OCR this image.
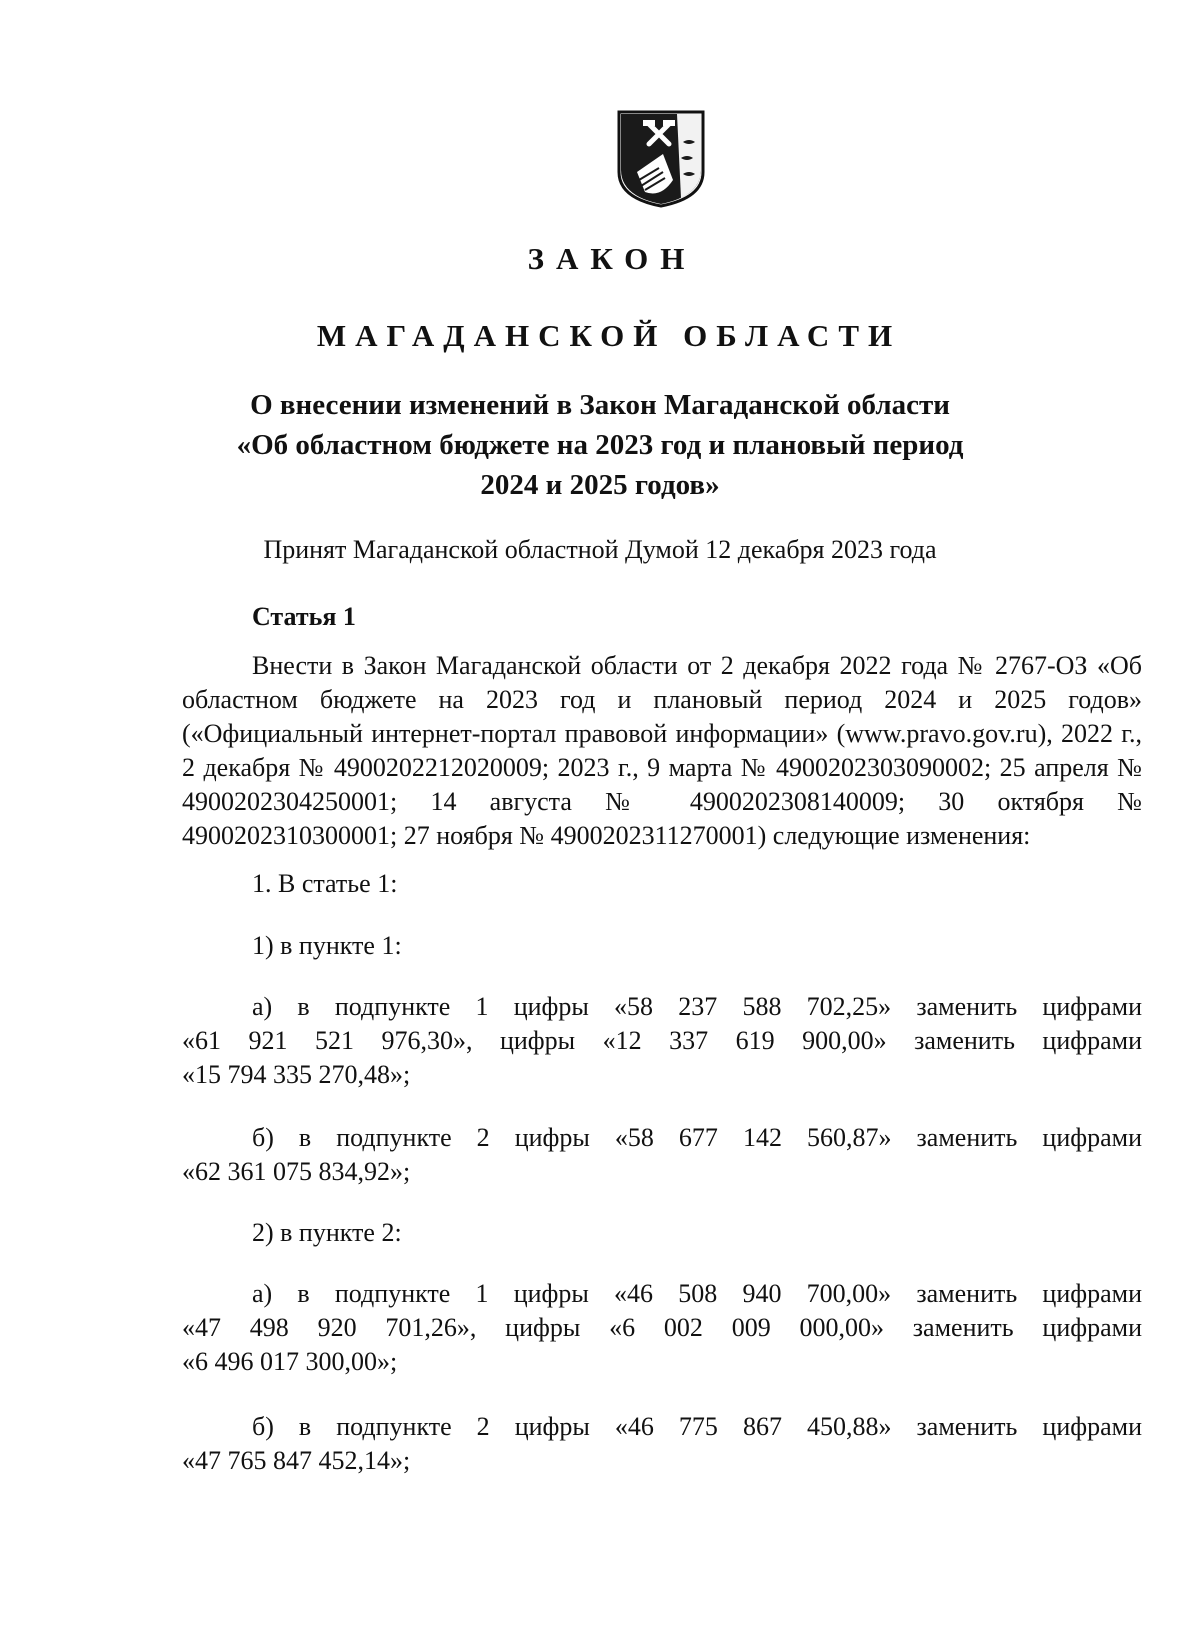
ЗАКОН
МАГАДАНСКОЙ ОБЛАСТИ
О внесении изменений в Закон Магаданской области
«Об областном бюджете на 2023 год и плановый период
2024 и 2025 годов»
Принят Магаданской областной Думой 12 декабря 2023 года
Статья 1
Внести в Закон Магаданской области от 2 декабря 2022 года № 2767-ОЗ «Об областном бюджете на 2023 год и плановый период 2024 и 2025 годов» («Официальный интернет-портал правовой информации» (www.pravo.gov.ru), 2022 г., 2 декабря № 4900202212020009; 2023 г., 9 марта № 4900202303090002; 25 апреля № 4900202304250001; 14 августа № 4900202308140009; 30 октября № 4900202310300001; 27 ноября № 4900202311270001) следующие изменения:
1. В статье 1:
1) в пункте 1:
а) в подпункте 1 цифры «58 237 588 702,25» заменить цифрами
«61 921 521 976,30», цифры «12 337 619 900,00» заменить цифрами
«15 794 335 270,48»;
б) в подпункте 2 цифры «58 677 142 560,87» заменить цифрами
«62 361 075 834,92»;
2) в пункте 2:
а) в подпункте 1 цифры «46 508 940 700,00» заменить цифрами
«47 498 920 701,26», цифры «6 002 009 000,00» заменить цифрами
«6 496 017 300,00»;
б) в подпункте 2 цифры «46 775 867 450,88» заменить цифрами
«47 765 847 452,14»;
